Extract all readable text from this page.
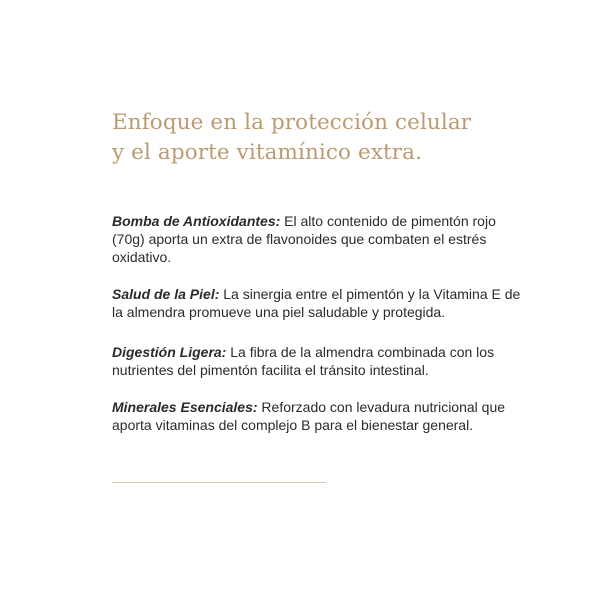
Enfoque en la protección celular
y el aporte vitamínico extra.

Bomba de Antioxidantes: El alto contenido de pimentón rojo (70g) aporta un extra de flavonoides que combaten el estrés oxidativo.

Salud de la Piel: La sinergia entre el pimentón y la Vitamina E de la almendra promueve una piel saludable y protegida.

Digestión Ligera: La fibra de la almendra combinada con los nutrientes del pimentón facilita el tránsito intestinal.

Minerales Esenciales: Reforzado con levadura nutricional que aporta vitaminas del complejo B para el bienestar general.
